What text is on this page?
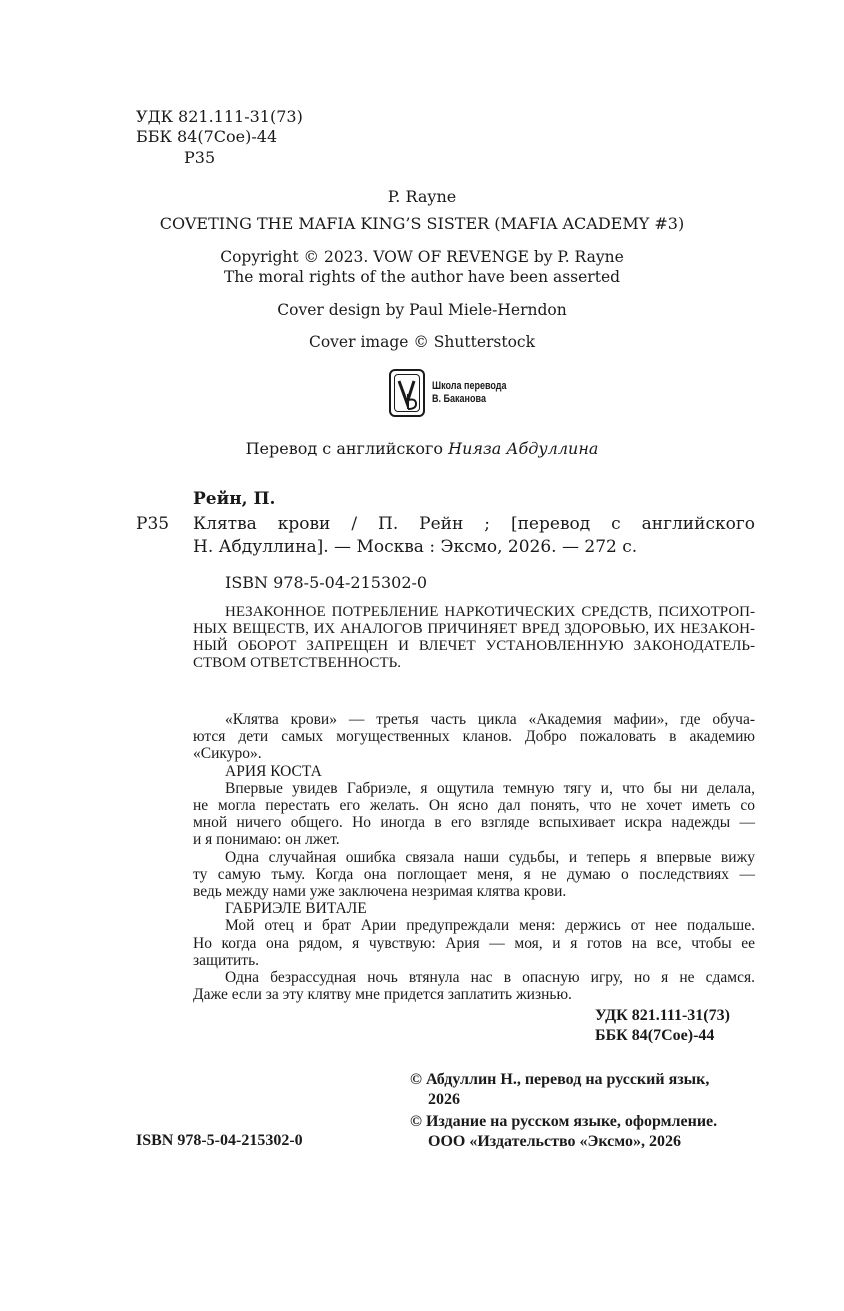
УДК 821.111-31(73)
ББК 84(7Сое)-44
Р35
P. Rayne
COVETING THE MAFIA KING’S SISTER (MAFIA ACADEMY #3)
Copyright © 2023. VOW OF REVENGE by P. Rayne
The moral rights of the author have been asserted
Cover design by Paul Miele-Herndon
Cover image © Shutterstock
Школа перевода
В. Баканова
Перевод с английского Нияза Абдуллина
Рейн, П.
Р35 Клятва крови / П. Рейн ; [перевод с английского
Н. Абдуллина]. — Москва : Эксмо, 2026. — 272 с.
ISBN 978-5-04-215302-0
НЕЗАКОННОЕ ПОТРЕБЛЕНИЕ НАРКОТИЧЕСКИХ СРЕДСТВ, ПСИХОТРОП-
НЫХ ВЕЩЕСТВ, ИХ АНАЛОГОВ ПРИЧИНЯЕТ ВРЕД ЗДОРОВЬЮ, ИХ НЕЗАКОН-
НЫЙ ОБОРОТ ЗАПРЕЩЕН И ВЛЕЧЕТ УСТАНОВЛЕННУЮ ЗАКОНОДАТЕЛЬ-
СТВОМ ОТВЕТСТВЕННОСТЬ.
«Клятва крови» — третья часть цикла «Академия мафии», где обуча-
ются дети самых могущественных кланов. Добро пожаловать в академию
«Сикуро».
АРИЯ КОСТА
Впервые увидев Габриэле, я ощутила темную тягу и, что бы ни делала,
не могла перестать его желать. Он ясно дал понять, что не хочет иметь со
мной ничего общего. Но иногда в его взгляде вспыхивает искра надежды —
и я понимаю: он лжет.
Одна случайная ошибка связала наши судьбы, и теперь я впервые вижу
ту самую тьму. Когда она поглощает меня, я не думаю о последствиях —
ведь между нами уже заключена незримая клятва крови.
ГАБРИЭЛЕ ВИТАЛЕ
Мой отец и брат Арии предупреждали меня: держись от нее подальше.
Но когда она рядом, я чувствую: Ария — моя, и я готов на все, чтобы ее
защитить.
Одна безрассудная ночь втянула нас в опасную игру, но я не сдамся.
Даже если за эту клятву мне придется заплатить жизнью.
УДК 821.111-31(73)
ББК 84(7Сое)-44
© Абдуллин Н., перевод на русский язык,
2026
© Издание на русском языке, оформление.
ООО «Издательство «Эксмо», 2026
ISBN 978-5-04-215302-0
